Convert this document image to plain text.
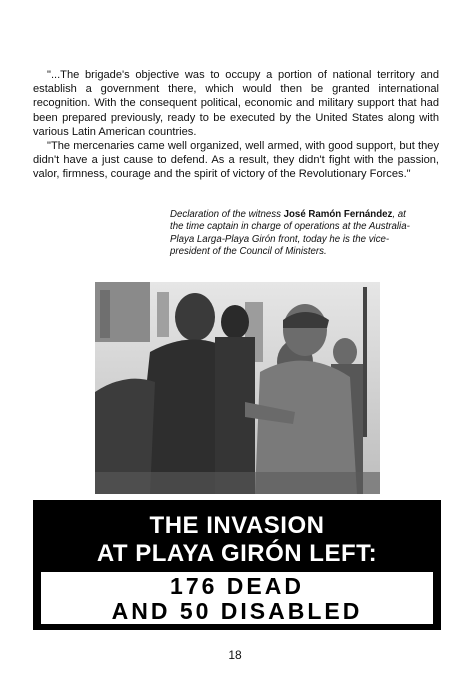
"...The brigade's objective was to occupy a portion of national territory and establish a government there, which would then be granted international recognition. With the consequent political, economic and military support that had been prepared previously, ready to be executed by the United States along with various Latin American countries.

"The mercenaries came well organized, well armed, with good support, but they didn't have a just cause to defend. As a result, they didn't fight with the passion, valor, firmness, courage and the spirit of victory of the Revolutionary Forces."

Declaration of the witness José Ramón Fernández, at the time captain in charge of operations at the Australia-Playa Larga-Playa Girón front, today he is the vice-president of the Council of Ministers.
THE INVASION
AT PLAYA GIRÓN LEFT:
176 DEAD
AND 50 DISABLED
18
